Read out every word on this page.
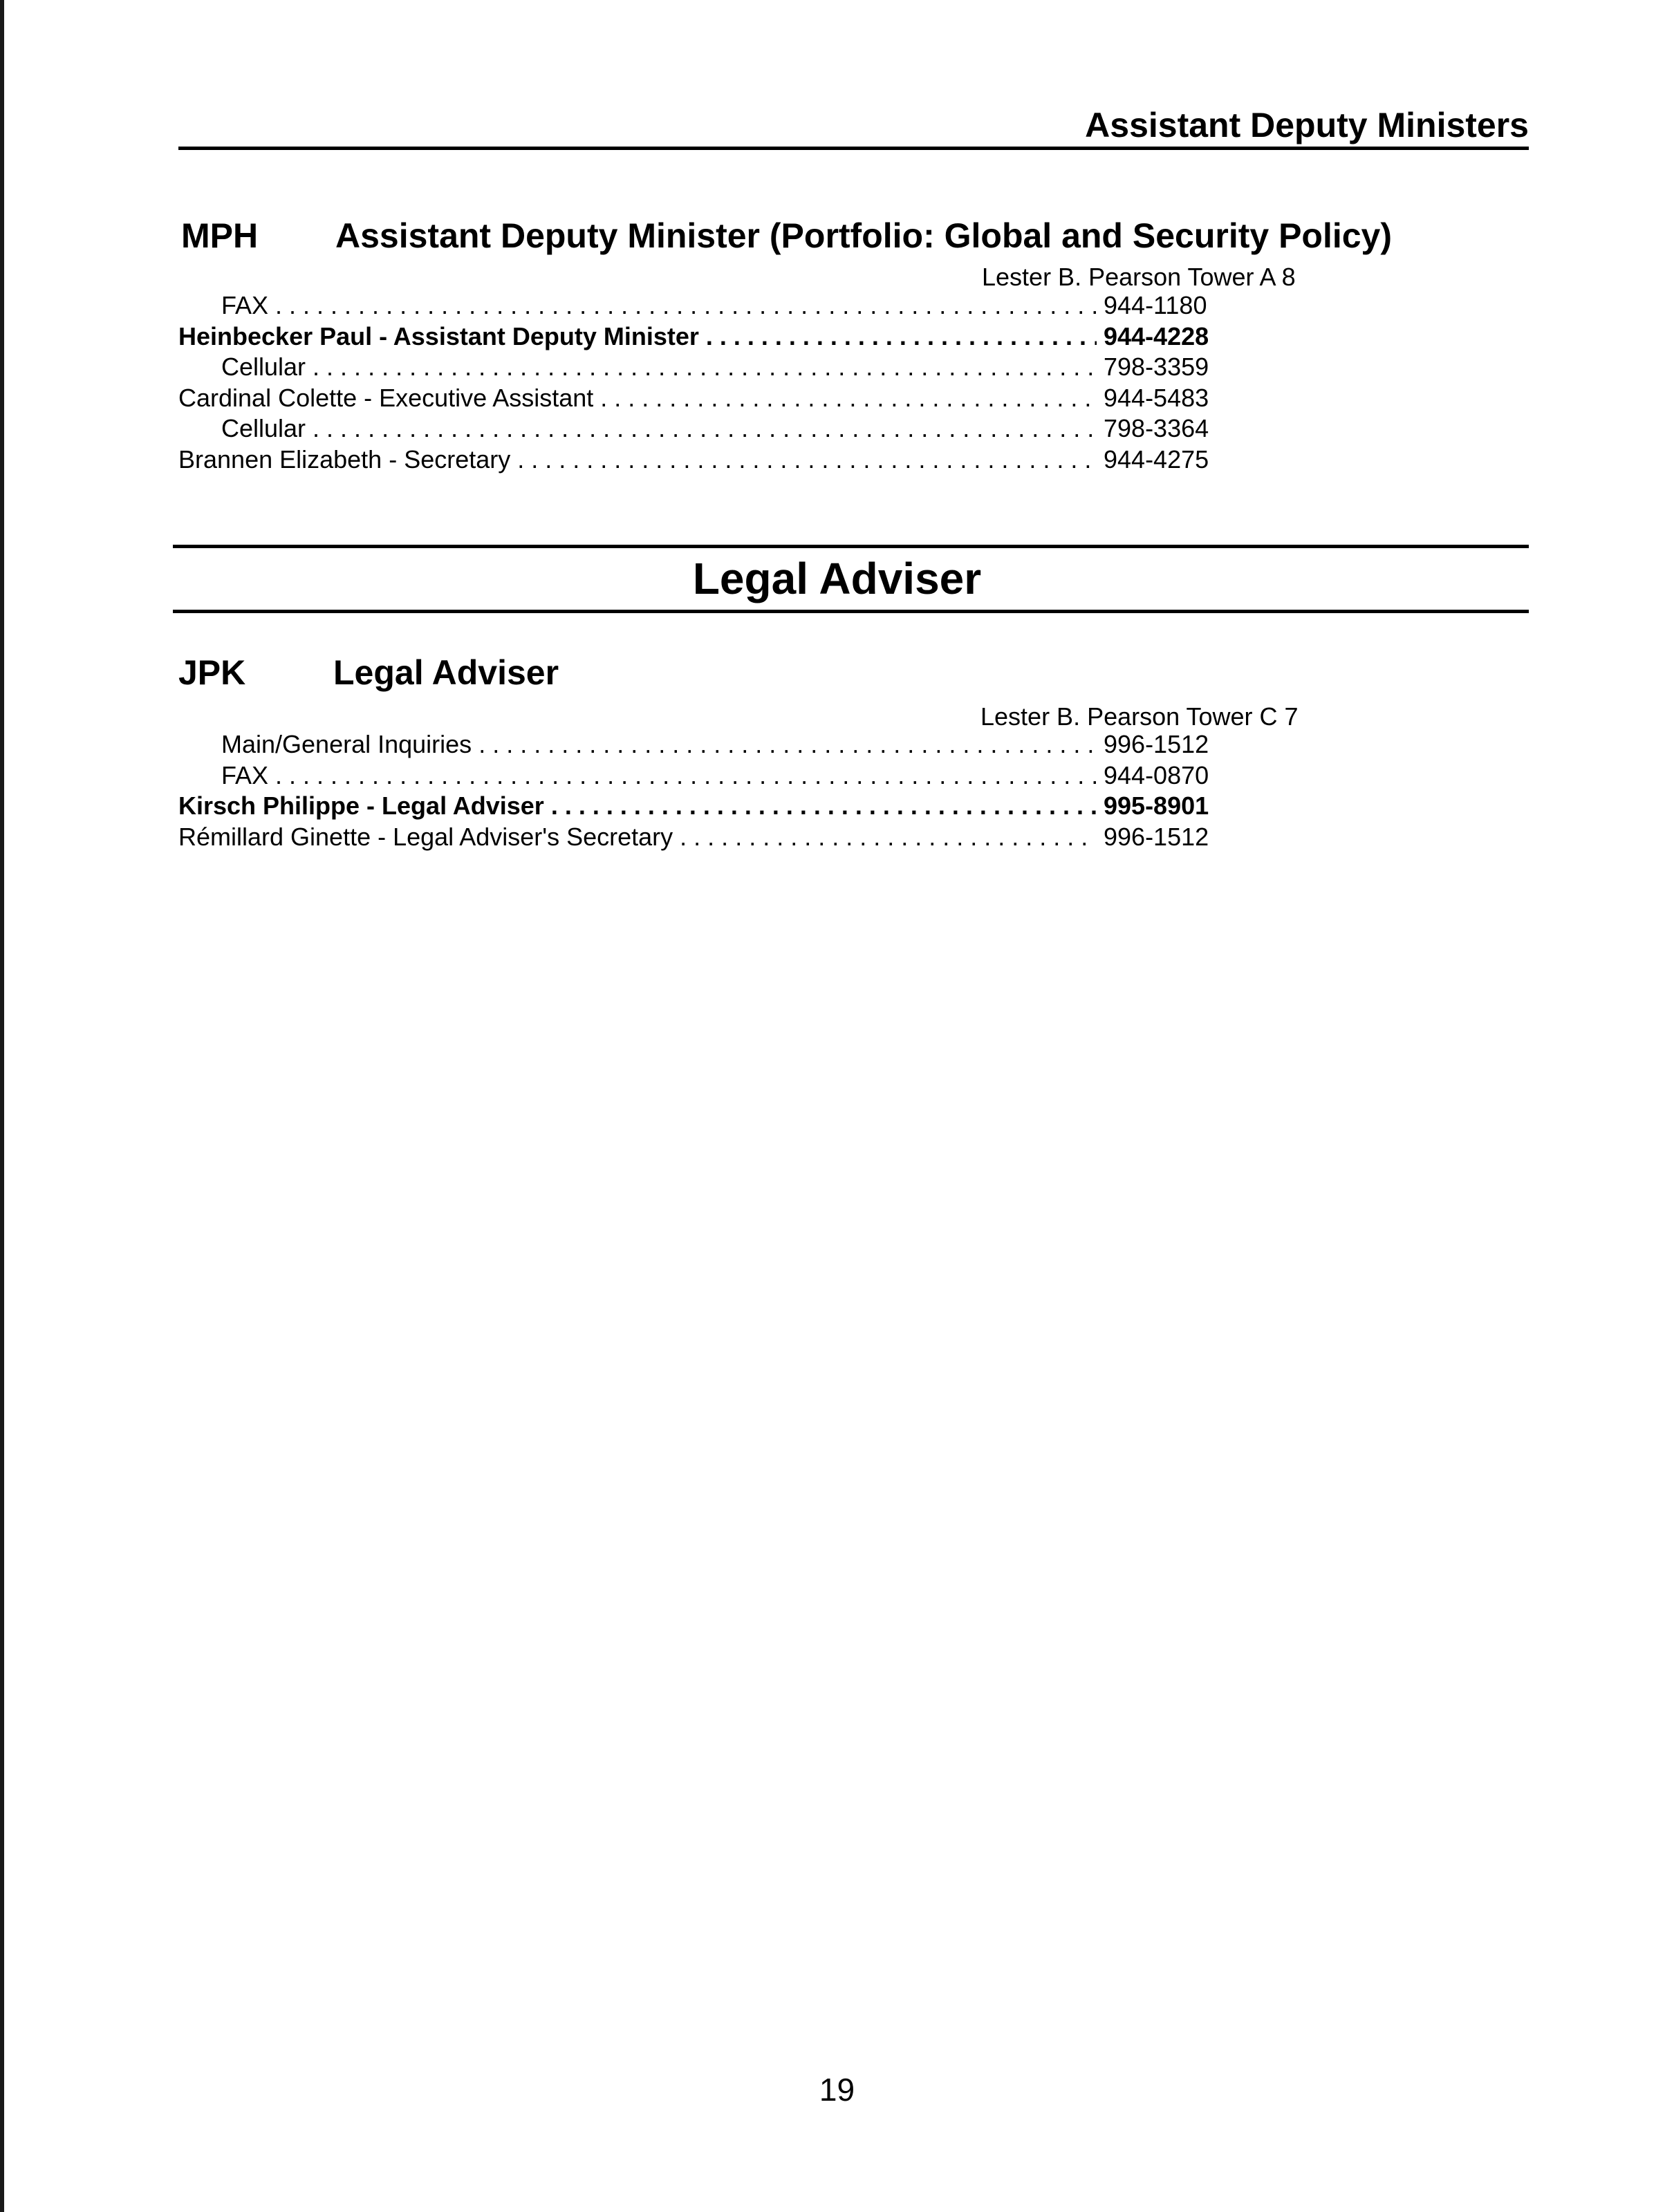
Assistant Deputy Ministers
MPH Assistant Deputy Minister (Portfolio: Global and Security Policy)
Lester B. Pearson Tower A 8
FAX . . .	944-1180
Heinbecker Paul - Assistant Deputy Minister . . .	944-4228
Cellular . . .	798-3359
Cardinal Colette - Executive Assistant . . .	944-5483
Cellular . . .	798-3364
Brannen Elizabeth - Secretary . . .	944-4275
Legal Adviser
JPK	Legal Adviser
Lester B. Pearson Tower C 7
Main/General Inquiries . . .	996-1512
FAX . . .	944-0870
Kirsch Philippe - Legal Adviser . . .	995-8901
Rémillard Ginette - Legal Adviser's Secretary . . .	996-1512
19
